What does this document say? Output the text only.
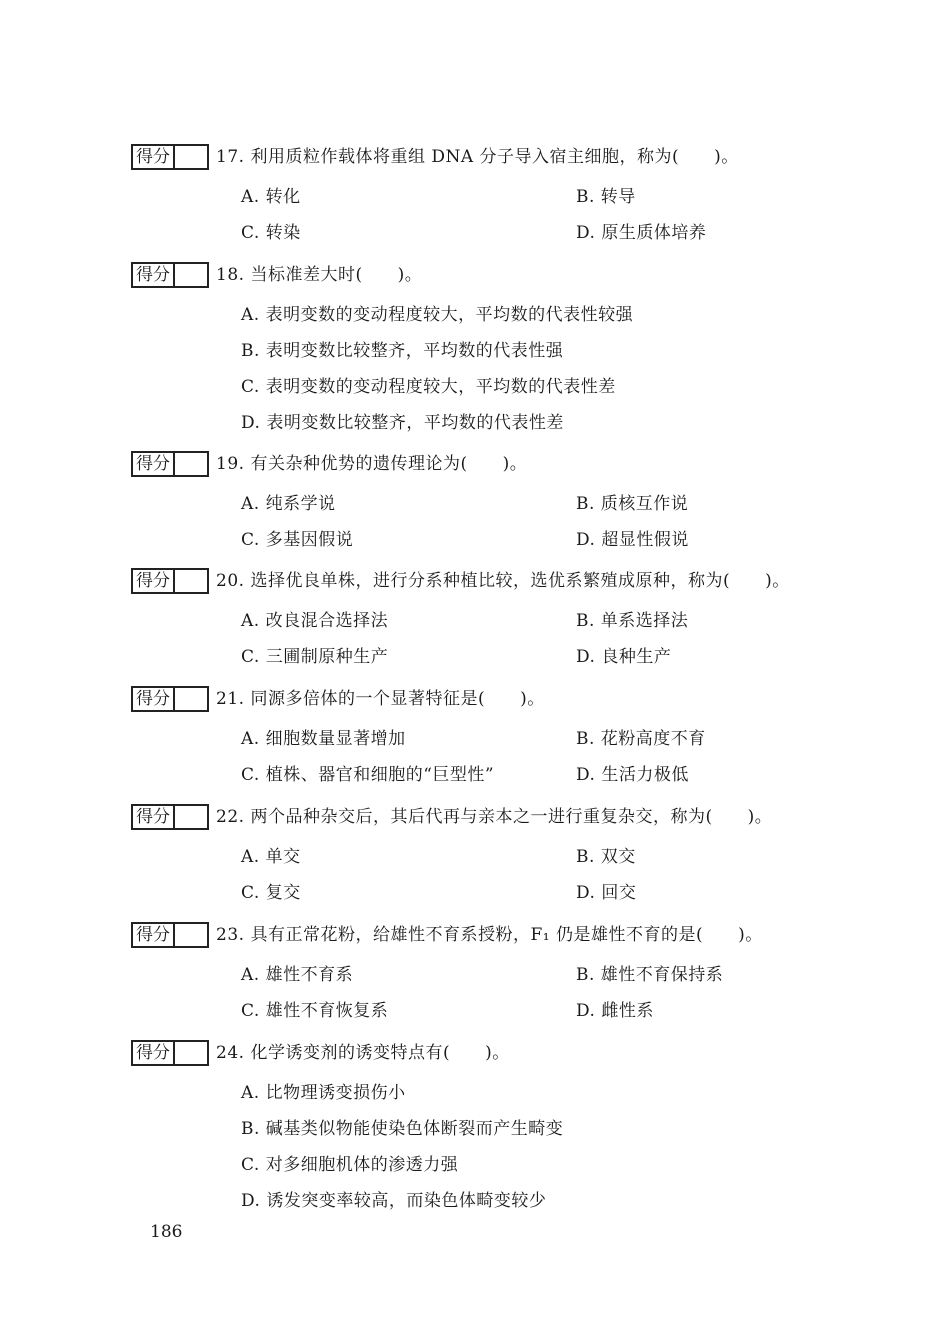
得分	17. 利用质粒作载体将重组 DNA 分子导入宿主细胞，称为(　　)。
A. 转化	B. 转导
C. 转染	D. 原生质体培养
得分	18. 当标准差大时(　　)。
A. 表明变数的变动程度较大，平均数的代表性较强
B. 表明变数比较整齐，平均数的代表性强
C. 表明变数的变动程度较大，平均数的代表性差
D. 表明变数比较整齐，平均数的代表性差
得分	19. 有关杂种优势的遗传理论为(　　)。
A. 纯系学说	B. 质核互作说
C. 多基因假说	D. 超显性假说
得分	20. 选择优良单株，进行分系种植比较，选优系繁殖成原种，称为(　　)。
A. 改良混合选择法	B. 单系选择法
C. 三圃制原种生产	D. 良种生产
得分	21. 同源多倍体的一个显著特征是(　　)。
A. 细胞数量显著增加	B. 花粉高度不育
C. 植株、器官和细胞的“巨型性”	D. 生活力极低
得分	22. 两个品种杂交后，其后代再与亲本之一进行重复杂交，称为(　　)。
A. 单交	B. 双交
C. 复交	D. 回交
得分	23. 具有正常花粉，给雄性不育系授粉，F₁ 仍是雄性不育的是(　　)。
A. 雄性不育系	B. 雄性不育保持系
C. 雄性不育恢复系	D. 雌性系
得分	24. 化学诱变剂的诱变特点有(　　)。
A. 比物理诱变损伤小
B. 碱基类似物能使染色体断裂而产生畸变
C. 对多细胞机体的渗透力强
D. 诱发突变率较高，而染色体畸变较少
186
